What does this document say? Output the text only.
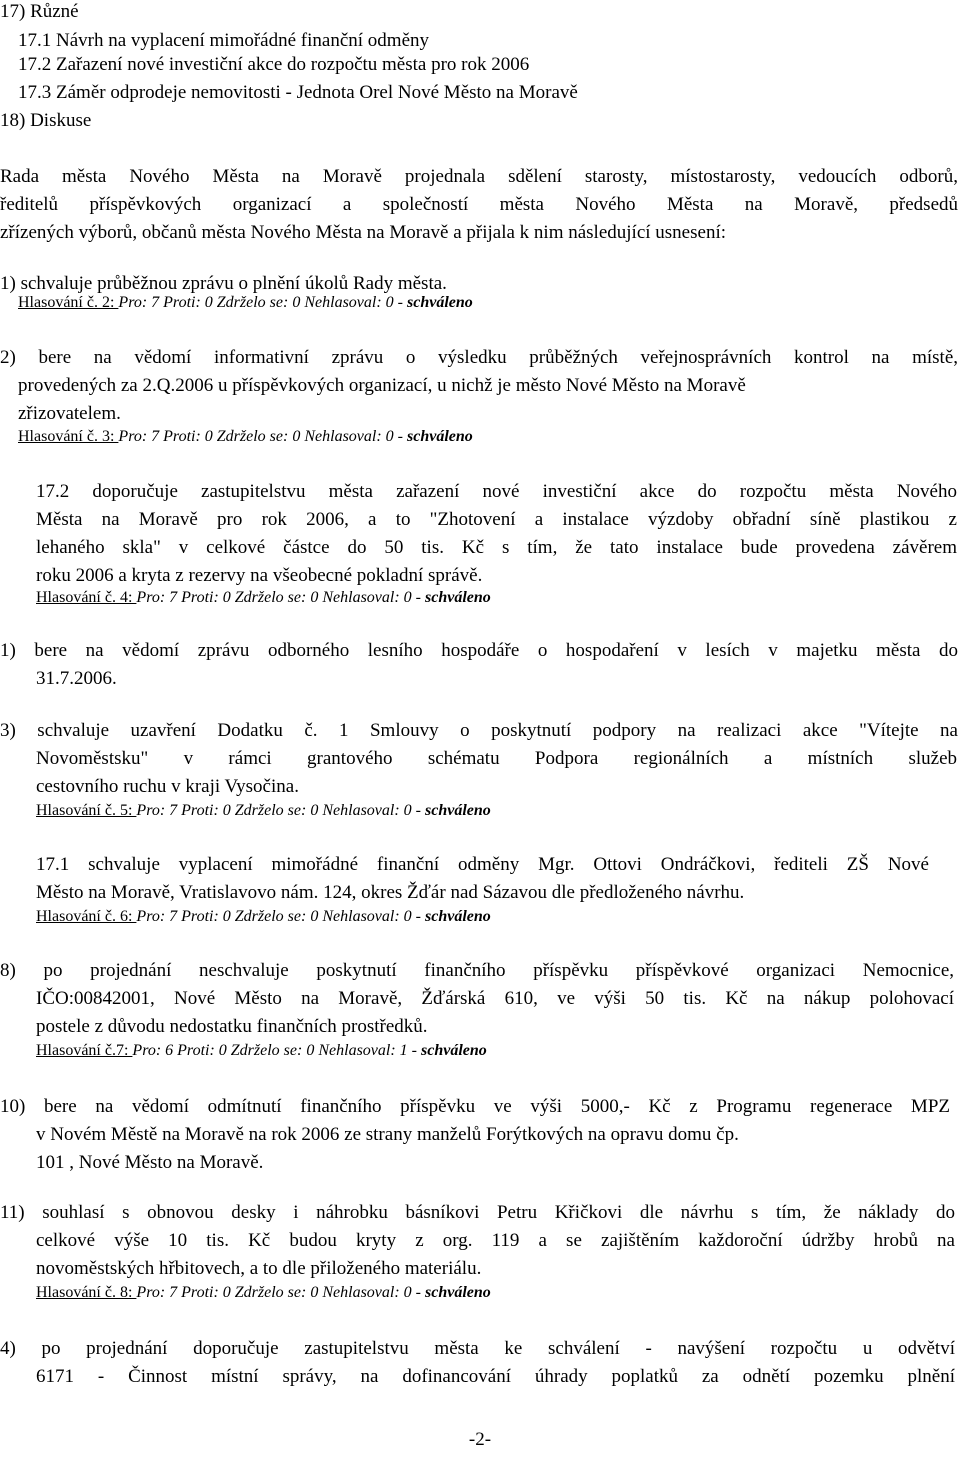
17) Různé
17.1 Návrh na vyplacení mimořádné finanční odměny
17.2 Zařazení nové investiční akce do rozpočtu města pro rok 2006
17.3 Záměr odprodeje nemovitosti - Jednota Orel Nové Město na Moravě
18) Diskuse
Rada města Nového Města na Moravě projednala sdělení starosty, místostarosty, vedoucích odborů,
ředitelů příspěvkových organizací a společností města Nového Města na Moravě, předsedů
zřízených výborů, občanů města Nového Města na Moravě a přijala k nim následující usnesení:
1) schvaluje průběžnou zprávu o plnění úkolů Rady města.
Hlasování č. 2: Pro: 7 Proti: 0 Zdrželo se: 0 Nehlasoval: 0 - schváleno
2) bere na vědomí informativní zprávu o výsledku průběžných veřejnosprávních kontrol na místě,
provedených za 2.Q.2006 u příspěvkových organizací, u nichž je město Nové Město na Moravě
zřizovatelem.
Hlasování č. 3: Pro: 7 Proti: 0 Zdrželo se: 0 Nehlasoval: 0 - schváleno
17.2 doporučuje zastupitelstvu města zařazení nové investiční akce do rozpočtu města Nového
Města na Moravě pro rok 2006, a to "Zhotovení a instalace výzdoby obřadní síně plastikou z
lehaného skla" v celkové částce do 50 tis. Kč s tím, že tato instalace bude provedena závěrem
roku 2006 a kryta z rezervy na všeobecné pokladní správě.
Hlasování č. 4: Pro: 7 Proti: 0 Zdrželo se: 0 Nehlasoval: 0 - schváleno
1) bere na vědomí zprávu odborného lesního hospodáře o hospodaření v lesích v majetku města do
31.7.2006.
3) schvaluje uzavření Dodatku č. 1 Smlouvy o poskytnutí podpory na realizaci akce "Vítejte na
Novoměstsku" v rámci grantového schématu Podpora regionálních a místních služeb
cestovního ruchu v kraji Vysočina.
Hlasování č. 5: Pro: 7 Proti: 0 Zdrželo se: 0 Nehlasoval: 0 - schváleno
17.1 schvaluje vyplacení mimořádné finanční odměny Mgr. Ottovi Ondráčkovi, řediteli ZŠ Nové
Město na Moravě, Vratislavovo nám. 124, okres Žďár nad Sázavou dle předloženého návrhu.
Hlasování č. 6: Pro: 7 Proti: 0 Zdrželo se: 0 Nehlasoval: 0 - schváleno
8) po projednání neschvaluje poskytnutí finančního příspěvku příspěvkové organizaci Nemocnice,
IČO:00842001, Nové Město na Moravě, Žďárská 610, ve výši 50 tis. Kč na nákup polohovací
postele z důvodu nedostatku finančních prostředků.
Hlasování č.7: Pro: 6 Proti: 0 Zdrželo se: 0 Nehlasoval: 1 - schváleno
10) bere na vědomí odmítnutí finančního příspěvku ve výši 5000,- Kč z Programu regenerace MPZ
v Novém Městě na Moravě na rok 2006 ze strany manželů Forýtkových na opravu domu čp.
101 , Nové Město na Moravě.
11) souhlasí s obnovou desky i náhrobku básníkovi Petru Křičkovi dle návrhu s tím, že náklady do
celkové výše 10 tis. Kč budou kryty z org. 119 a se zajištěním každoroční údržby hrobů na
novoměstských hřbitovech, a to dle přiloženého materiálu.
Hlasování č. 8: Pro: 7 Proti: 0 Zdrželo se: 0 Nehlasoval: 0 - schváleno
4) po projednání doporučuje zastupitelstvu města ke schválení - navýšení rozpočtu u odvětví
6171 - Činnost místní správy, na dofinancování úhrady poplatků za odnětí pozemku plnění
-2-
